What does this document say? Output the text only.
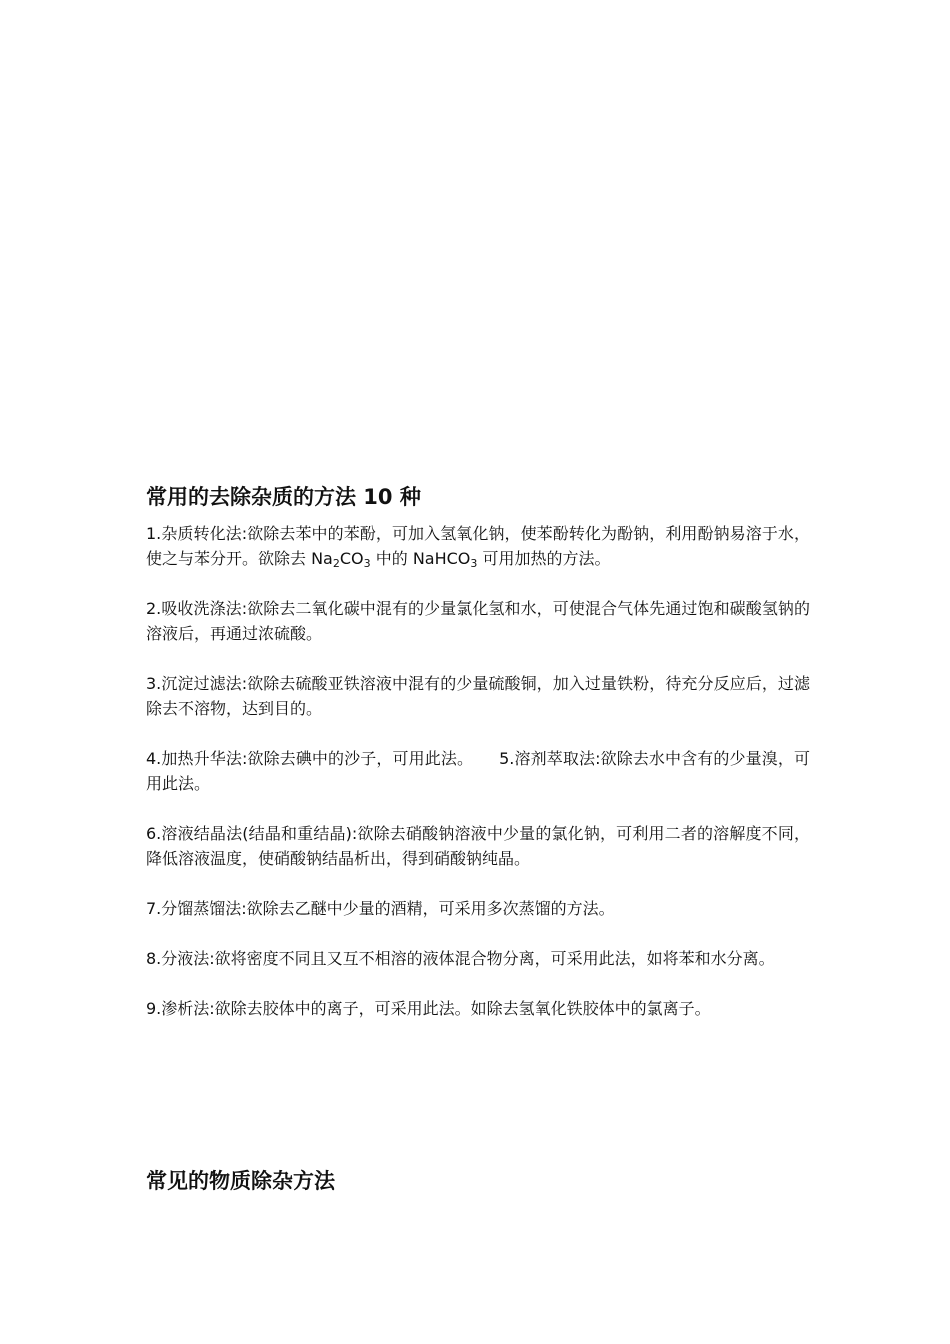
常用的去除杂质的方法 10 种

1.杂质转化法:欲除去苯中的苯酚，可加入氢氧化钠，使苯酚转化为酚钠，利用酚钠易溶于水，使之与苯分开。欲除去 $Na_2CO_3$ 中的 NaHCO$_3$ 可用加热的方法。

2.吸收洗涤法:欲除去二氧化碳中混有的少量氯化氢和水，可使混合气体先通过饱和碳酸氢钠的溶液后，再通过浓硫酸。

3.沉淀过滤法:欲除去硫酸亚铁溶液中混有的少量硫酸铜，加入过量铁粉，待充分反应后，过滤除去不溶物，达到目的。

4.加热升华法:欲除去碘中的沙子，可用此法。 5.溶剂萃取法:欲除去水中含有的少量溴，可用此法。

6.溶液结晶法(结晶和重结晶):欲除去硝酸钠溶液中少量的氯化钠，可利用二者的溶解度不同，降低溶液温度，使硝酸钠结晶析出，得到硝酸钠纯晶。

7.分馏蒸馏法:欲除去乙醚中少量的酒精，可采用多次蒸馏的方法。

8.分液法:欲将密度不同且又互不相溶的液体混合物分离，可采用此法，如将苯和水分离。

9.渗析法:欲除去胶体中的离子，可采用此法。如除去氢氧化铁胶体中的氯离子。

常见的物质除杂方法
